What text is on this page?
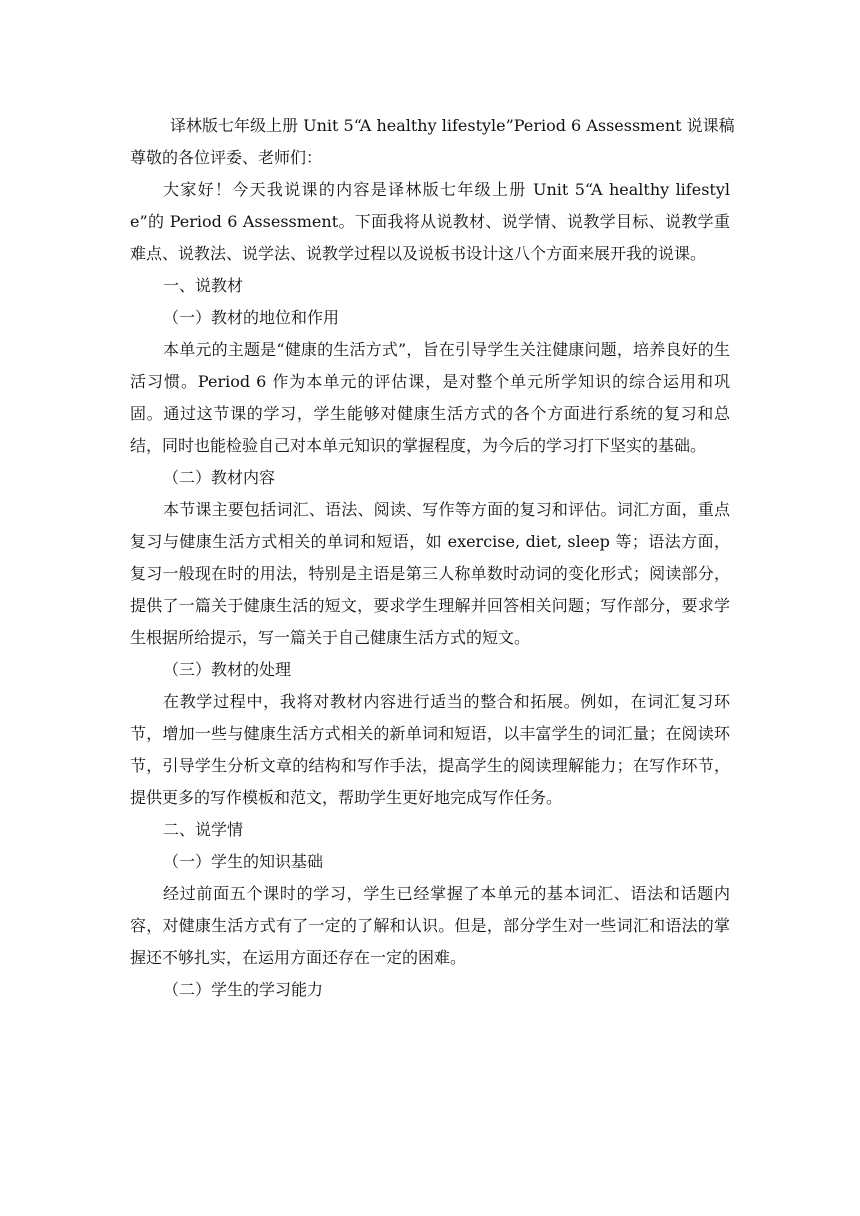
译林版七年级上册 Unit 5“A healthy lifestyle”Period 6 Assessment 说课稿

尊敬的各位评委、老师们：

大家好！今天我说课的内容是译林版七年级上册 Unit 5“A healthy lifestyle”的 Period 6 Assessment。下面我将从说教材、说学情、说教学目标、说教学重难点、说教法、说学法、说教学过程以及说板书设计这八个方面来展开我的说课。

一、说教材

（一）教材的地位和作用

本单元的主题是“健康的生活方式”，旨在引导学生关注健康问题，培养良好的生活习惯。Period 6 作为本单元的评估课，是对整个单元所学知识的综合运用和巩固。通过这节课的学习，学生能够对健康生活方式的各个方面进行系统的复习和总结，同时也能检验自己对本单元知识的掌握程度，为今后的学习打下坚实的基础。

（二）教材内容

本节课主要包括词汇、语法、阅读、写作等方面的复习和评估。词汇方面，重点复习与健康生活方式相关的单词和短语，如 exercise, diet, sleep 等；语法方面，复习一般现在时的用法，特别是主语是第三人称单数时动词的变化形式；阅读部分，提供了一篇关于健康生活的短文，要求学生理解并回答相关问题；写作部分，要求学生根据所给提示，写一篇关于自己健康生活方式的短文。

（三）教材的处理

在教学过程中，我将对教材内容进行适当的整合和拓展。例如，在词汇复习环节，增加一些与健康生活方式相关的新单词和短语，以丰富学生的词汇量；在阅读环节，引导学生分析文章的结构和写作手法，提高学生的阅读理解能力；在写作环节，提供更多的写作模板和范文，帮助学生更好地完成写作任务。

二、说学情

（一）学生的知识基础

经过前面五个课时的学习，学生已经掌握了本单元的基本词汇、语法和话题内容，对健康生活方式有了一定的了解和认识。但是，部分学生对一些词汇和语法的掌握还不够扎实，在运用方面还存在一定的困难。

（二）学生的学习能力
